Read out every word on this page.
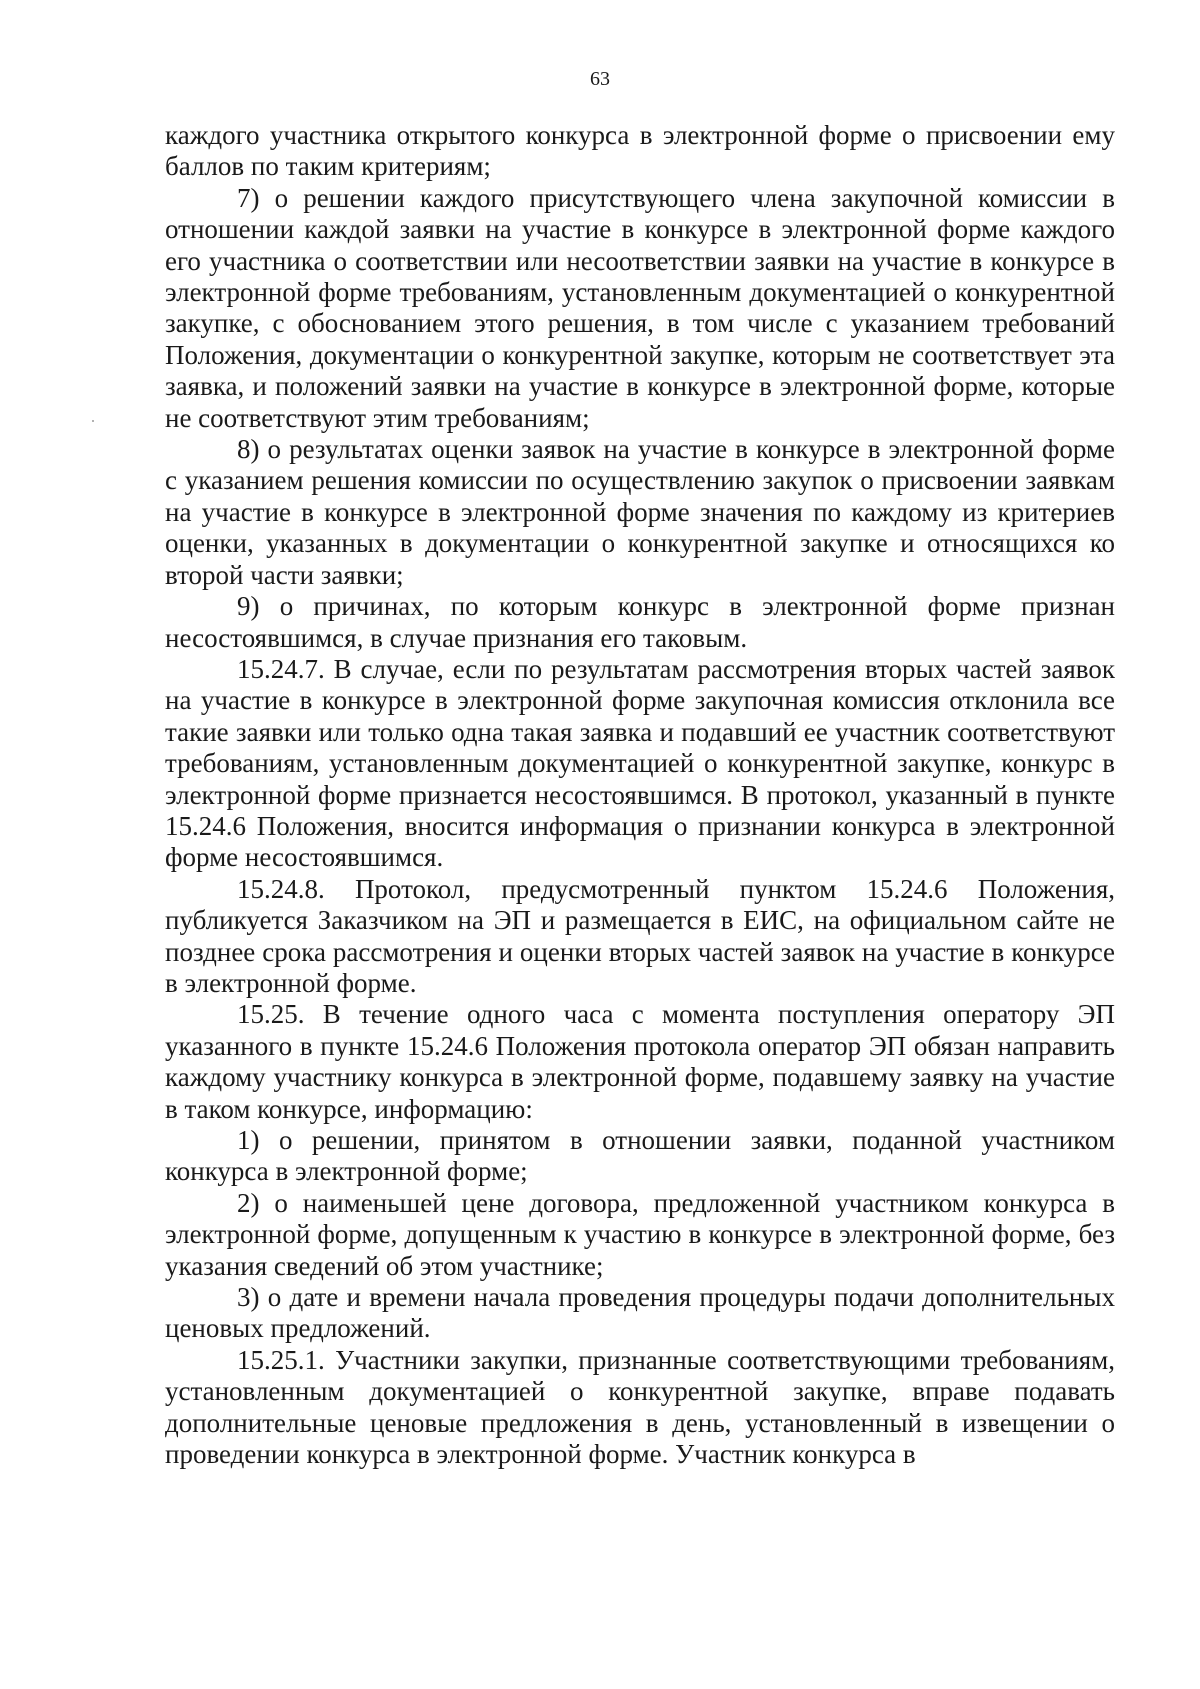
63

каждого участника открытого конкурса в электронной форме о присвоении ему баллов по таким критериям;

7) о решении каждого присутствующего члена закупочной комиссии в отношении каждой заявки на участие в конкурсе в электронной форме каждого его участника о соответствии или несоответствии заявки на участие в конкурсе в электронной форме требованиям, установленным документацией о конкурентной закупке, с обоснованием этого решения, в том числе с указанием требований Положения, документации о конкурентной закупке, которым не соответствует эта заявка, и положений заявки на участие в конкурсе в электронной форме, которые не соответствуют этим требованиям;

8) о результатах оценки заявок на участие в конкурсе в электронной форме с указанием решения комиссии по осуществлению закупок о присвоении заявкам на участие в конкурсе в электронной форме значения по каждому из критериев оценки, указанных в документации о конкурентной закупке и относящихся ко второй части заявки;

9) о причинах, по которым конкурс в электронной форме признан несостоявшимся, в случае признания его таковым.

15.24.7. В случае, если по результатам рассмотрения вторых частей заявок на участие в конкурсе в электронной форме закупочная комиссия отклонила все такие заявки или только одна такая заявка и подавший ее участник соответствуют требованиям, установленным документацией о конкурентной закупке, конкурс в электронной форме признается несостоявшимся. В протокол, указанный в пункте 15.24.6 Положения, вносится информация о признании конкурса в электронной форме несостоявшимся.

15.24.8. Протокол, предусмотренный пунктом 15.24.6 Положения, публикуется Заказчиком на ЭП и размещается в ЕИС, на официальном сайте не позднее срока рассмотрения и оценки вторых частей заявок на участие в конкурсе в электронной форме.

15.25. В течение одного часа с момента поступления оператору ЭП указанного в пункте 15.24.6 Положения протокола оператор ЭП обязан направить каждому участнику конкурса в электронной форме, подавшему заявку на участие в таком конкурсе, информацию:

1) о решении, принятом в отношении заявки, поданной участником конкурса в электронной форме;

2) о наименьшей цене договора, предложенной участником конкурса в электронной форме, допущенным к участию в конкурсе в электронной форме, без указания сведений об этом участнике;

3) о дате и времени начала проведения процедуры подачи дополнительных ценовых предложений.

15.25.1. Участники закупки, признанные соответствующими требованиям, установленным документацией о конкурентной закупке, вправе подавать дополнительные ценовые предложения в день, установленный в извещении о проведении конкурса в электронной форме. Участник конкурса в
